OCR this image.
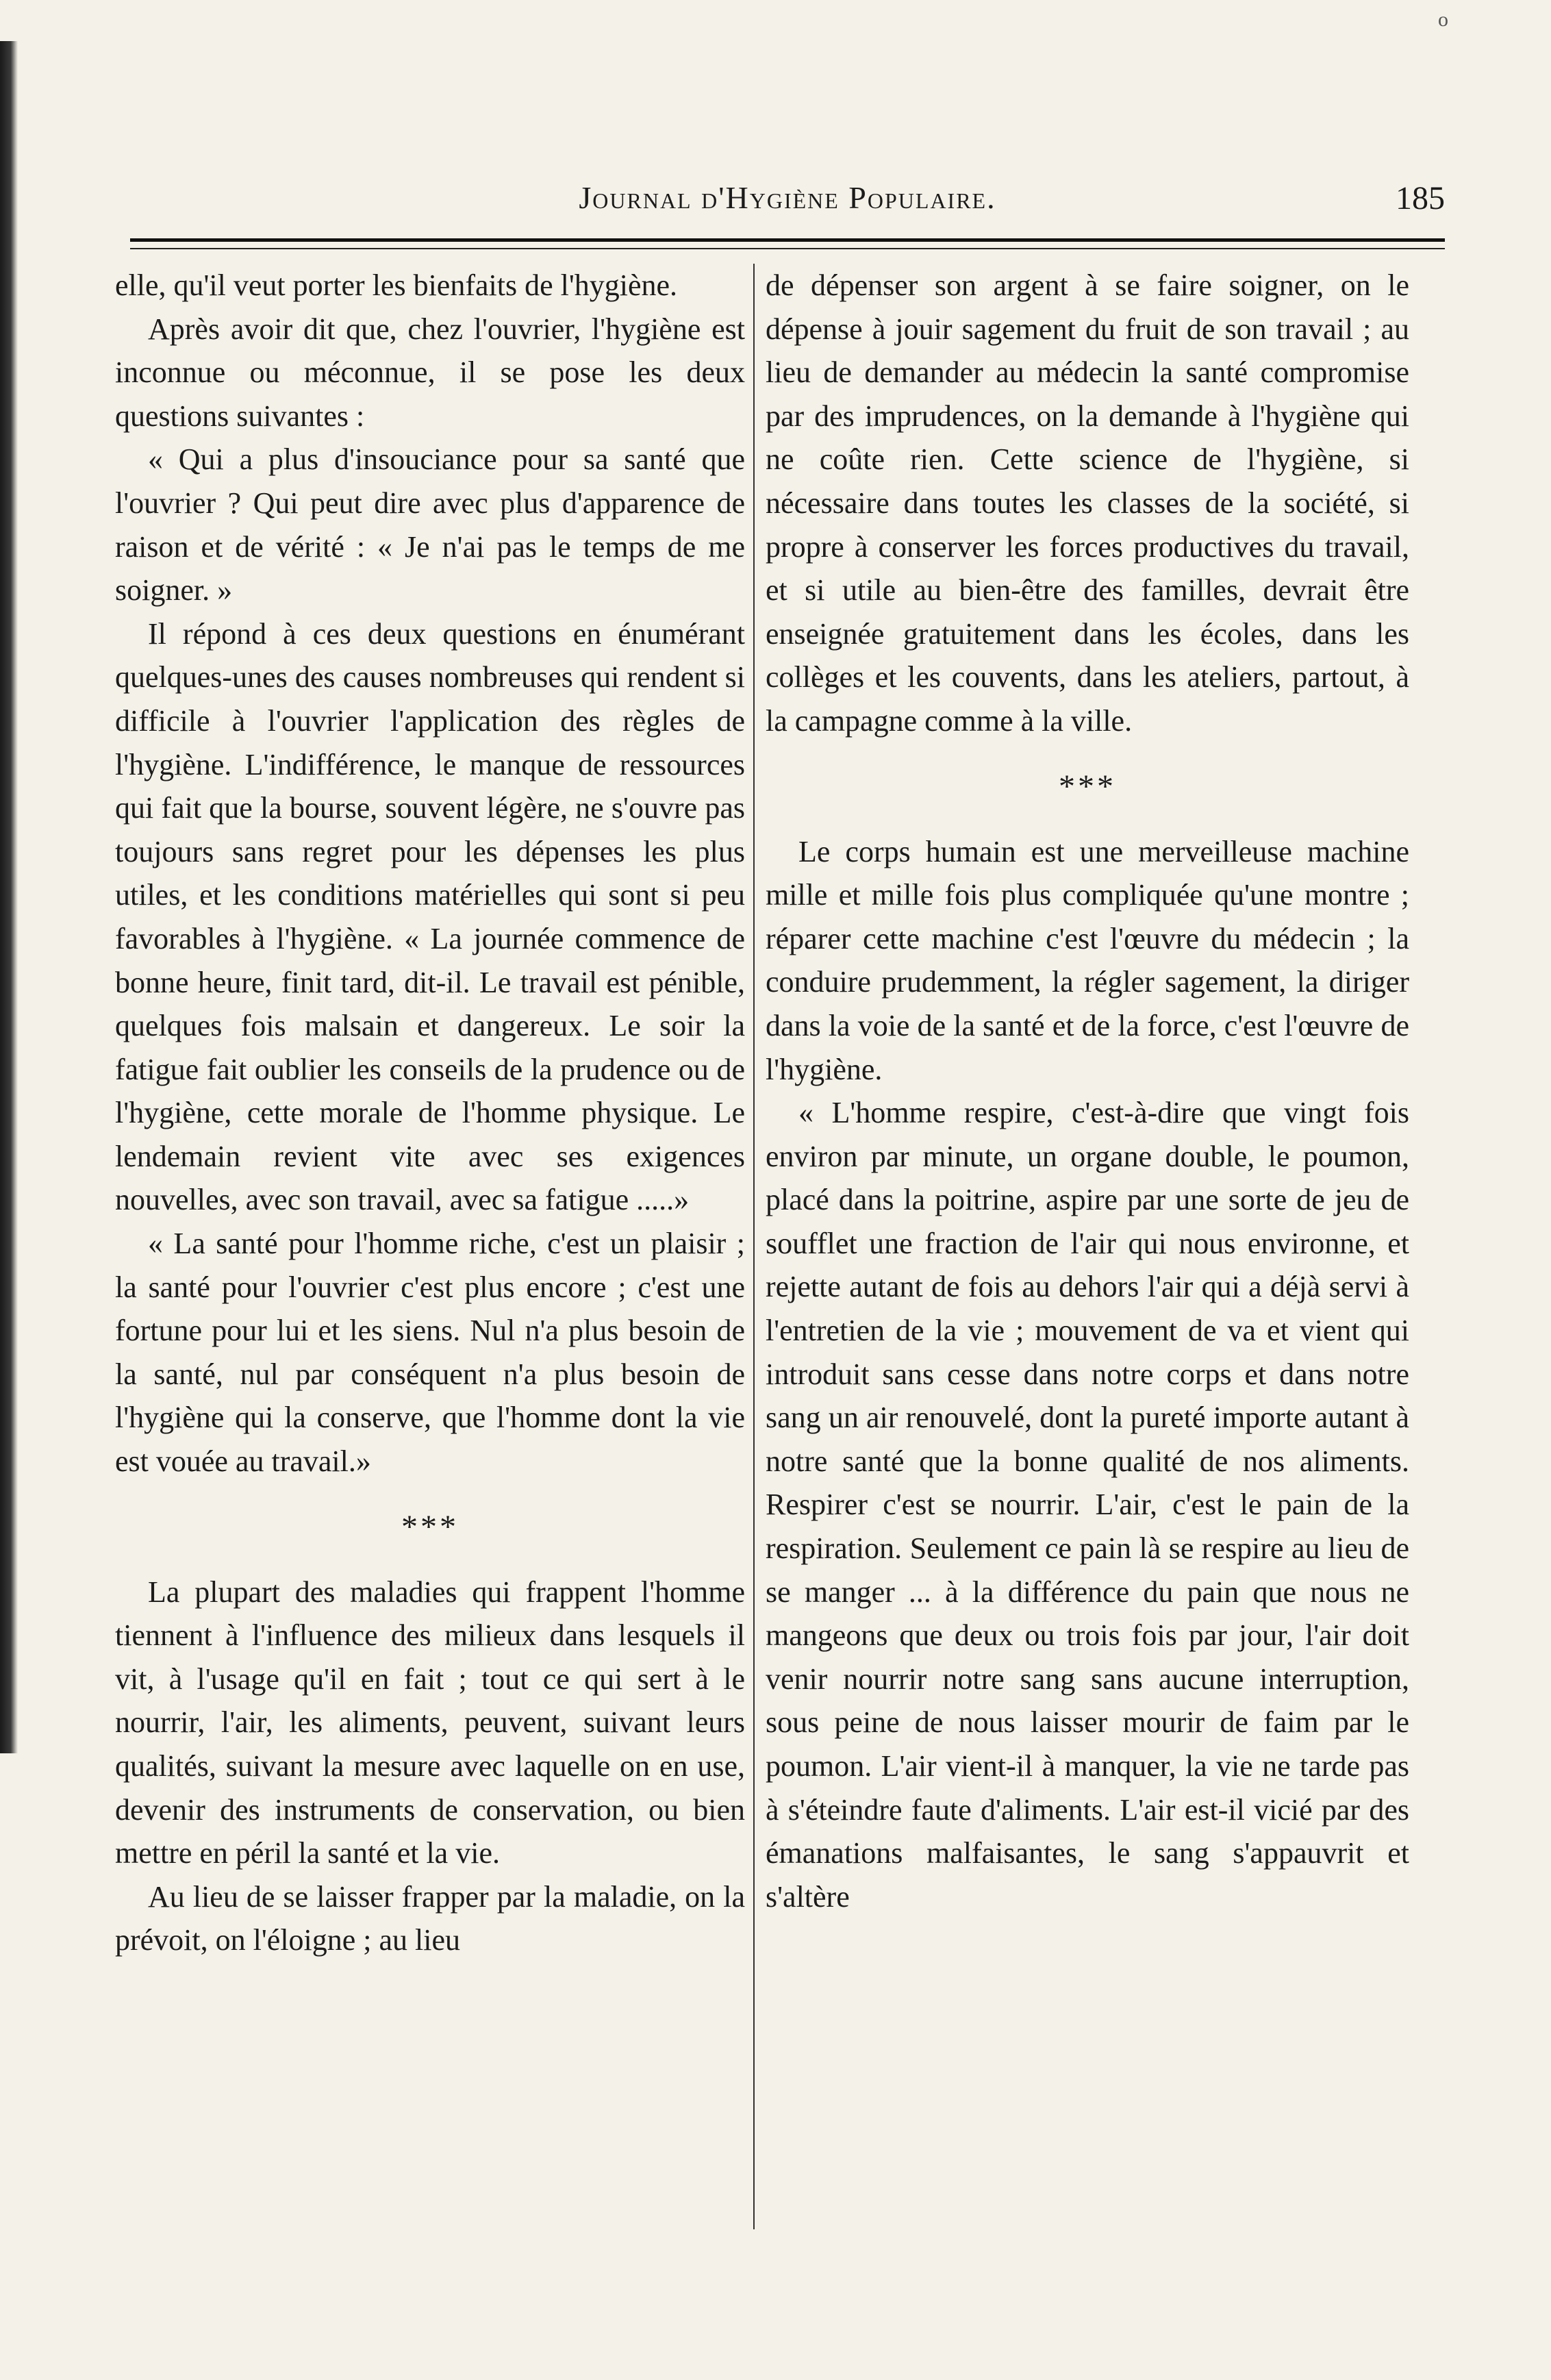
o
Journal d'Hygiène Populaire.	185

elle, qu'il veut porter les bienfaits de l'hygiène.

Après avoir dit que, chez l'ouvrier, l'hygiène est inconnue ou méconnue, il se pose les deux questions suivantes :

« Qui a plus d'insouciance pour sa santé que l'ouvrier ? Qui peut dire avec plus d'apparence de raison et de vérité : « Je n'ai pas le temps de me soigner. »

Il répond à ces deux questions en énumérant quelques-unes des causes nombreuses qui rendent si difficile à l'ouvrier l'application des règles de l'hygiène. L'indifférence, le manque de ressources qui fait que la bourse, souvent légère, ne s'ouvre pas toujours sans regret pour les dépenses les plus utiles, et les conditions matérielles qui sont si peu favorables à l'hygiène. « La journée commence de bonne heure, finit tard, dit-il. Le travail est pénible, quelques fois malsain et dangereux. Le soir la fatigue fait oublier les conseils de la prudence ou de l'hygiène, cette morale de l'homme physique. Le lendemain revient vite avec ses exigences nouvelles, avec son travail, avec sa fatigue .....»

« La santé pour l'homme riche, c'est un plaisir ; la santé pour l'ouvrier c'est plus encore ; c'est une fortune pour lui et les siens. Nul n'a plus besoin de la santé, nul par conséquent n'a plus besoin de l'hygiène qui la conserve, que l'homme dont la vie est vouée au travail.»

***

La plupart des maladies qui frappent l'homme tiennent à l'influence des milieux dans lesquels il vit, à l'usage qu'il en fait ; tout ce qui sert à le nourrir, l'air, les aliments, peuvent, suivant leurs qualités, suivant la mesure avec laquelle on en use, devenir des instruments de conservation, ou bien mettre en péril la santé et la vie.

Au lieu de se laisser frapper par la maladie, on la prévoit, on l'éloigne ; au lieu

de dépenser son argent à se faire soigner, on le dépense à jouir sagement du fruit de son travail ; au lieu de demander au médecin la santé compromise par des imprudences, on la demande à l'hygiène qui ne coûte rien. Cette science de l'hygiène, si nécessaire dans toutes les classes de la société, si propre à conserver les forces productives du travail, et si utile au bien-être des familles, devrait être enseignée gratuitement dans les écoles, dans les collèges et les couvents, dans les ateliers, partout, à la campagne comme à la ville.

***

Le corps humain est une merveilleuse machine mille et mille fois plus compliquée qu'une montre ; réparer cette machine c'est l'œuvre du médecin ; la conduire prudemment, la régler sagement, la diriger dans la voie de la santé et de la force, c'est l'œuvre de l'hygiène.

« L'homme respire, c'est-à-dire que vingt fois environ par minute, un organe double, le poumon, placé dans la poitrine, aspire par une sorte de jeu de soufflet une fraction de l'air qui nous environne, et rejette autant de fois au dehors l'air qui a déjà servi à l'entretien de la vie ; mouvement de va et vient qui introduit sans cesse dans notre corps et dans notre sang un air renouvelé, dont la pureté importe autant à notre santé que la bonne qualité de nos aliments. Respirer c'est se nourrir. L'air, c'est le pain de la respiration. Seulement ce pain là se respire au lieu de se manger ... à la différence du pain que nous ne mangeons que deux ou trois fois par jour, l'air doit venir nourrir notre sang sans aucune interruption, sous peine de nous laisser mourir de faim par le poumon. L'air vient-il à manquer, la vie ne tarde pas à s'éteindre faute d'aliments. L'air est-il vicié par des émanations malfaisantes, le sang s'appauvrit et s'altère
